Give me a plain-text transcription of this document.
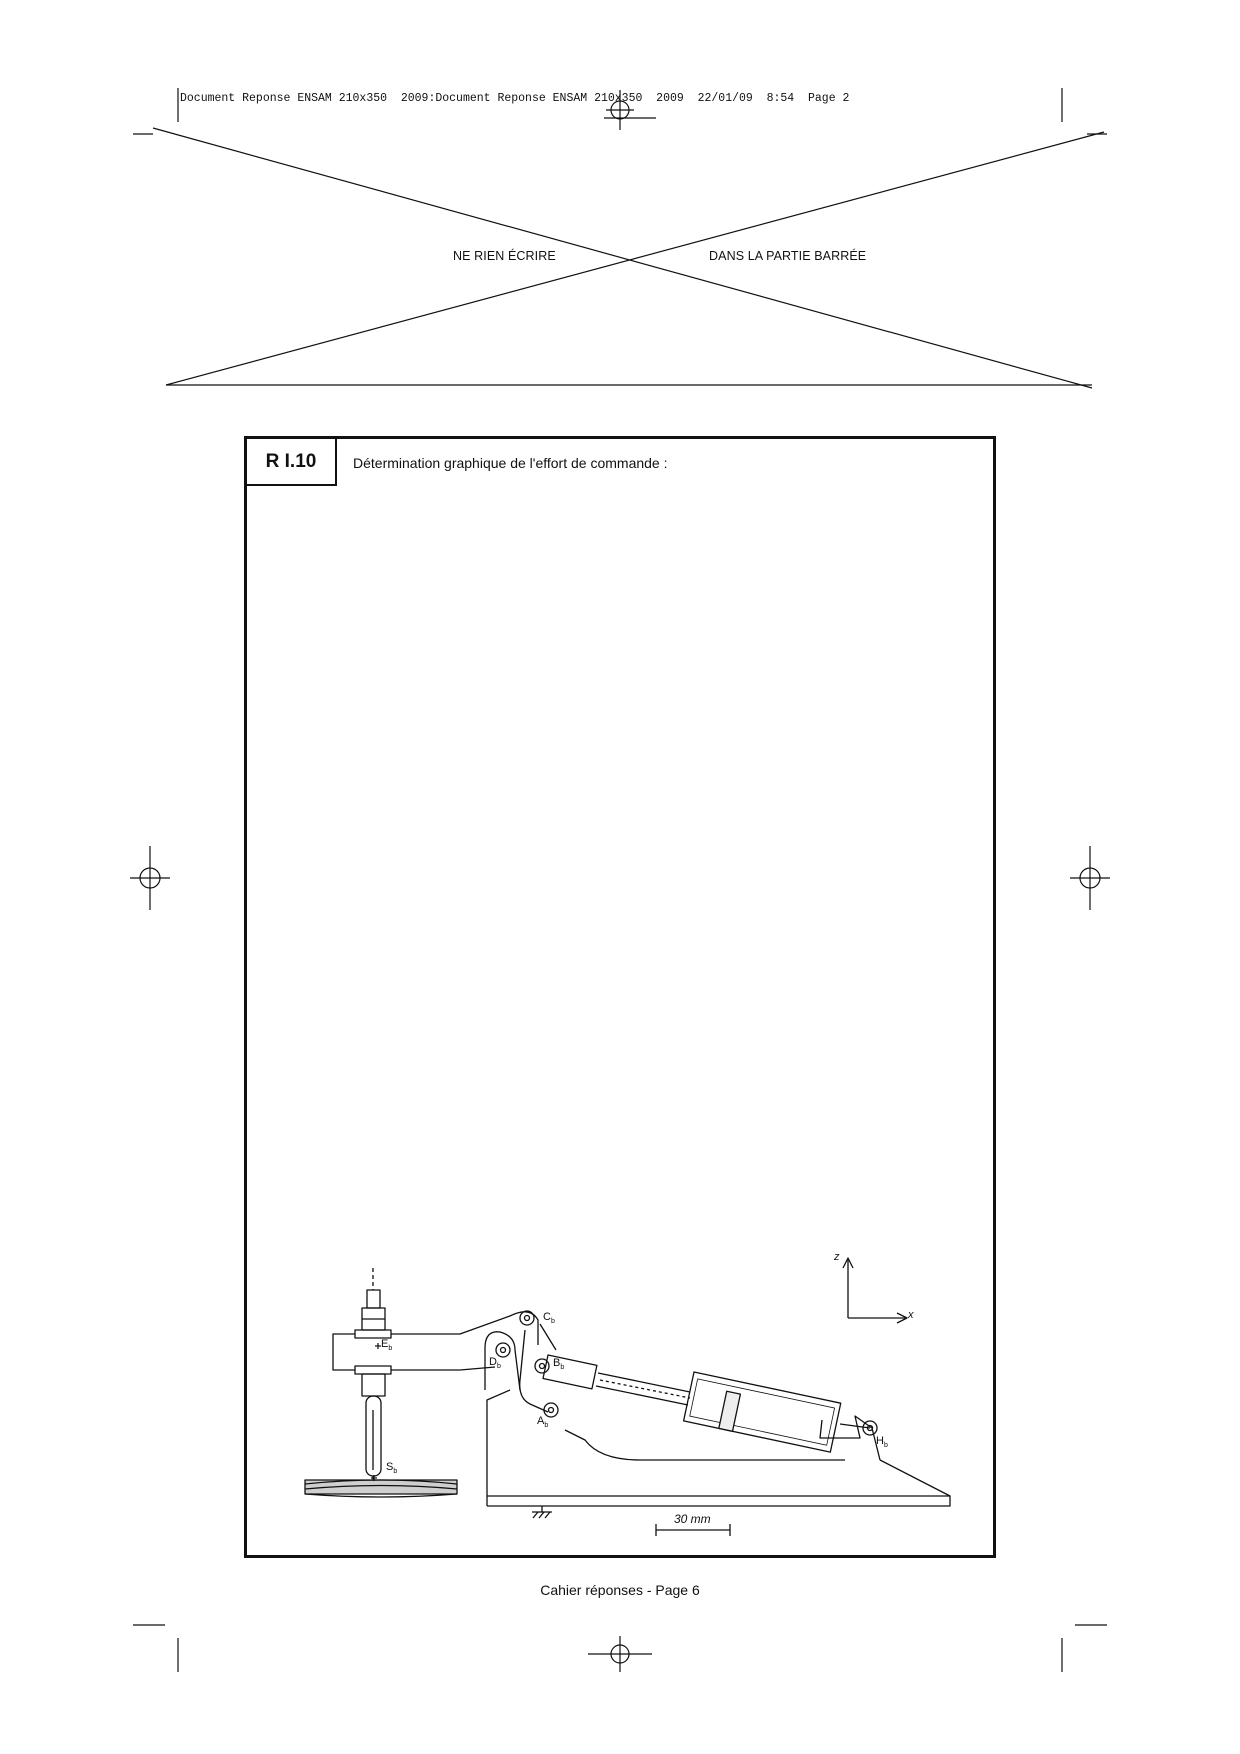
Document Reponse ENSAM 210x350  2009:Document Reponse ENSAM 210x350  2009  22/01/09  8:54  Page 2
NE RIEN ÉCRIRE	DANS LA PARTIE BARRÉE
R I.10	Détermination graphique de l'effort de commande :
$C_b$
$E_b$
$D_b$	$B_b$
$A_b$
$H_b$
$S_b$
z
x
30 mm
Cahier réponses - Page 6
